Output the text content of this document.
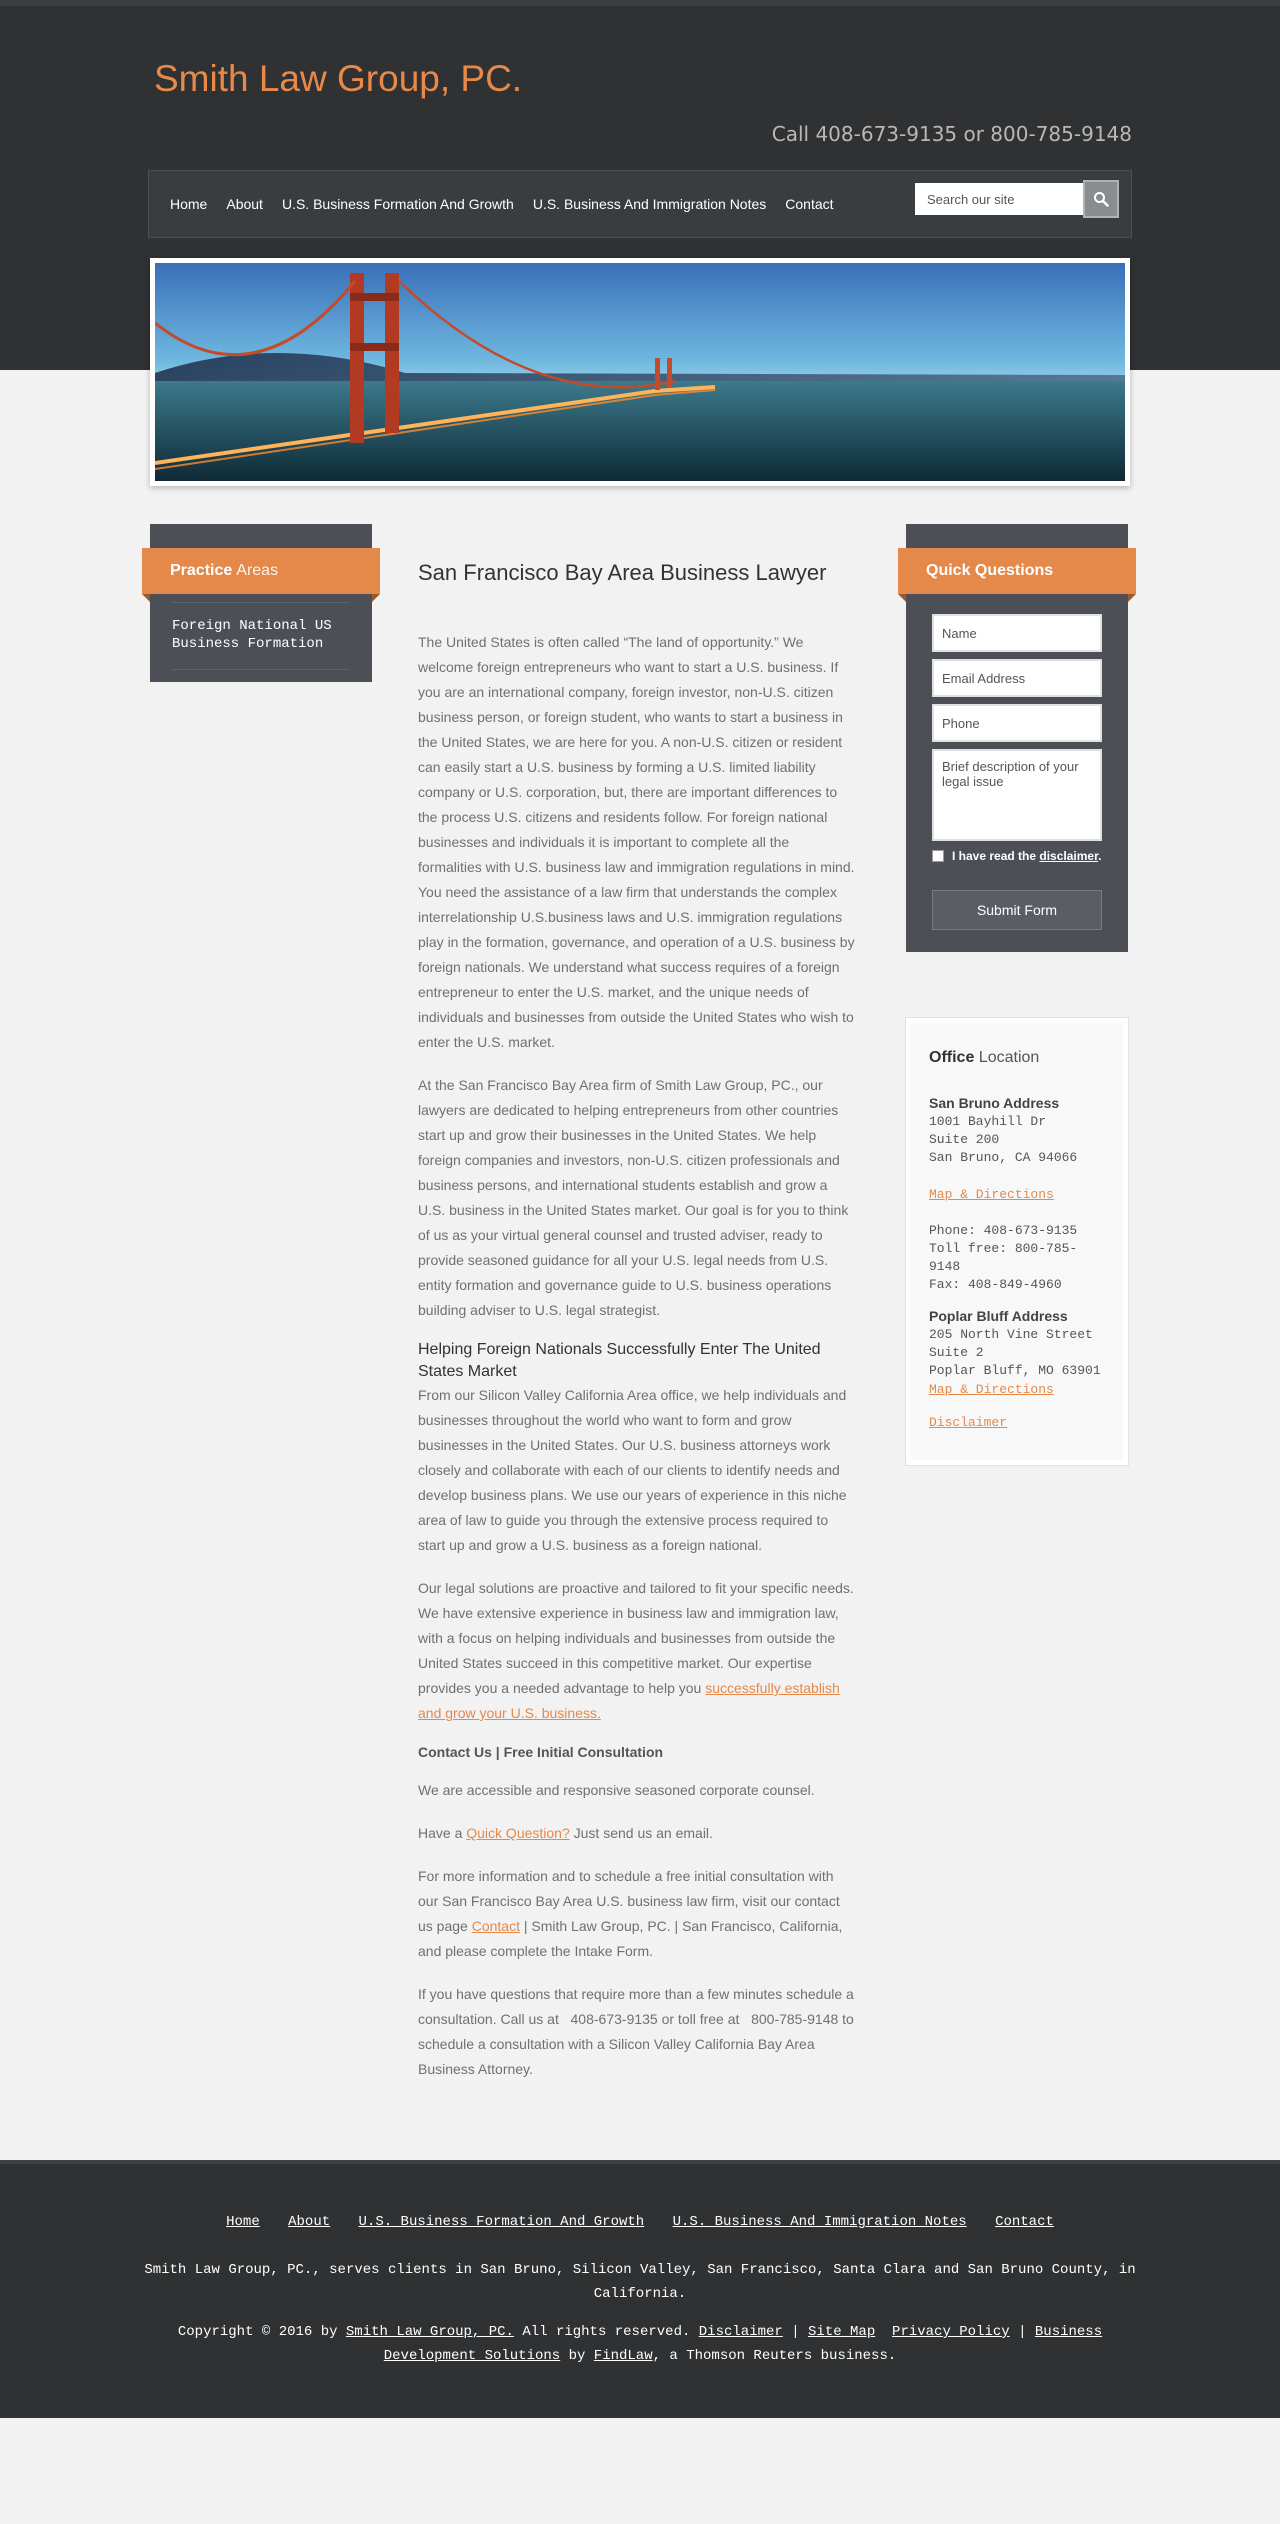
Smith Law Group, PC.
Call 408-673-9135 or 800-785-9148
Home About U.S. Business Formation And Growth U.S. Business And Immigration Notes Contact
Search our site
Practice Areas
Foreign National US Business Formation
San Francisco Bay Area Business Lawyer

The United States is often called “The land of opportunity.” We welcome foreign entrepreneurs who want to start a U.S. business. If you are an international company, foreign investor, non-U.S. citizen business person, or foreign student, who wants to start a business in the United States, we are here for you. A non-U.S. citizen or resident can easily start a U.S. business by forming a U.S. limited liability company or U.S. corporation, but, there are important differences to the process U.S. citizens and residents follow. For foreign national businesses and individuals it is important to complete all the formalities with U.S. business law and immigration regulations in mind. You need the assistance of a law firm that understands the complex interrelationship U.S.business laws and U.S. immigration regulations play in the formation, governance, and operation of a U.S. business by foreign nationals. We understand what success requires of a foreign entrepreneur to enter the U.S. market, and the unique needs of individuals and businesses from outside the United States who wish to enter the U.S. market.

At the San Francisco Bay Area firm of Smith Law Group, PC., our lawyers are dedicated to helping entrepreneurs from other countries start up and grow their businesses in the United States. We help foreign companies and investors, non-U.S. citizen professionals and business persons, and international students establish and grow a U.S. business in the United States market. Our goal is for you to think of us as your virtual general counsel and trusted adviser, ready to provide seasoned guidance for all your U.S. legal needs from U.S. entity formation and governance guide to U.S. business operations building adviser to U.S. legal strategist.

Helping Foreign Nationals Successfully Enter The United States Market

From our Silicon Valley California Area office, we help individuals and businesses throughout the world who want to form and grow businesses in the United States. Our U.S. business attorneys work closely and collaborate with each of our clients to identify needs and develop business plans. We use our years of experience in this niche area of law to guide you through the extensive process required to start up and grow a U.S. business as a foreign national.

Our legal solutions are proactive and tailored to fit your specific needs. We have extensive experience in business law and immigration law, with a focus on helping individuals and businesses from outside the United States succeed in this competitive market. Our expertise provides you a needed advantage to help you successfully establish and grow your U.S. business.

Contact Us | Free Initial Consultation

We are accessible and responsive seasoned corporate counsel.

Have a Quick Question? Just send us an email.

For more information and to schedule a free initial consultation with our San Francisco Bay Area U.S. business law firm, visit our contact us page Contact | Smith Law Group, PC. | San Francisco, California, and please complete the Intake Form.

If you have questions that require more than a few minutes schedule a consultation. Call us at   408-673-9135 or toll free at   800-785-9148 to schedule a consultation with a Silicon Valley California Bay Area Business Attorney.

Quick Questions
Name
Email Address
Phone
Brief description of your legal issue
I have read the disclaimer.
Submit Form
Office Location
San Bruno Address
1001 Bayhill Dr
Suite 200
San Bruno, CA 94066
Map & Directions
Phone: 408-673-9135
Toll free: 800-785-9148
Fax: 408-849-4960
Poplar Bluff Address
205 North Vine Street
Suite 2
Poplar Bluff, MO 63901
Map & Directions
Disclaimer
Home About U.S. Business Formation And Growth U.S. Business And Immigration Notes Contact
Smith Law Group, PC., serves clients in San Bruno, Silicon Valley, San Francisco, Santa Clara and San Bruno County, in California.
Copyright © 2016 by Smith Law Group, PC. All rights reserved. Disclaimer | Site Map Privacy Policy | Business Development Solutions by FindLaw, a Thomson Reuters business.
